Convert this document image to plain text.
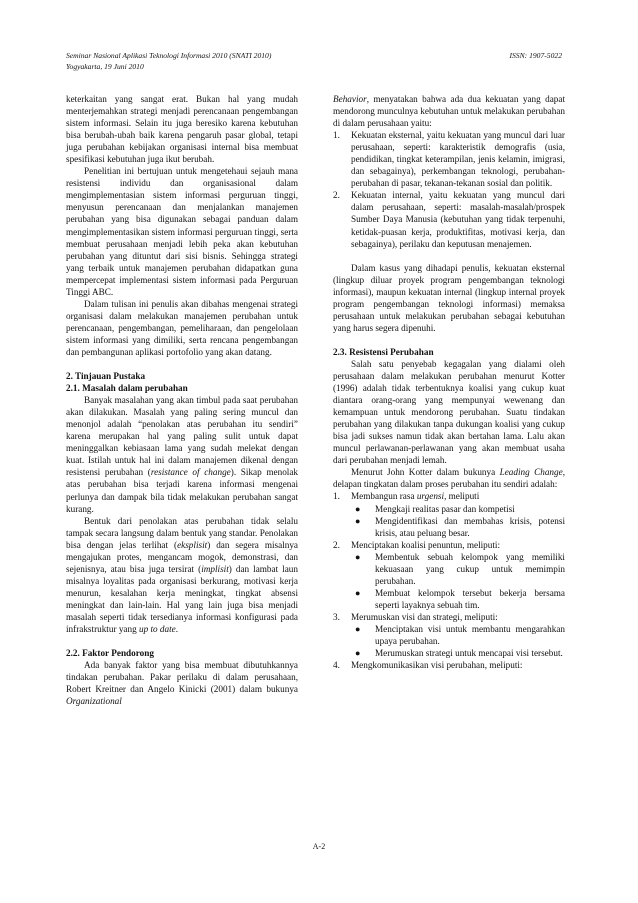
Seminar Nasional Aplikasi Teknologi Informasi 2010 (SNATI 2010)
Yogyakarta, 19 Juni 2010
ISSN: 1907-5022

keterkaitan yang sangat erat. Bukan hal yang mudah menterjemahkan strategi menjadi perencanaan pengembangan sistem informasi. Selain itu juga beresiko karena kebutuhan bisa berubah-ubah baik karena pengaruh pasar global, tetapi juga perubahan kebijakan organisasi internal bisa membuat spesifikasi kebutuhan juga ikut berubah.

Penelitian ini bertujuan untuk mengetehaui sejauh mana resistensi individu dan organisasional dalam mengimplementasian sistem informasi perguruan tinggi, menyusun perencanaan dan menjalankan manajemen perubahan yang bisa digunakan sebagai panduan dalam mengimplementasikan sistem informasi perguruan tinggi, serta membuat perusahaan menjadi lebih peka akan kebutuhan perubahan yang dituntut dari sisi bisnis. Sehingga strategi yang terbaik untuk manajemen perubahan didapatkan guna mempercepat implementasi sistem informasi pada Perguruan Tinggi ABC.

Dalam tulisan ini penulis akan dibahas mengenai strategi organisasi dalam melakukan manajemen perubahan untuk perencanaan, pengembangan, pemeliharaan, dan pengelolaan sistem informasi yang dimiliki, serta rencana pengembangan dan pembangunan aplikasi portofolio yang akan datang.

2. Tinjauan Pustaka

2.1. Masalah dalam perubahan

Banyak masalahan yang akan timbul pada saat perubahan akan dilakukan. Masalah yang paling sering muncul dan menonjol adalah “penolakan atas perubahan itu sendiri” karena merupakan hal yang paling sulit untuk dapat meninggalkan kebiasaan lama yang sudah melekat dengan kuat. Istilah untuk hal ini dalam manajemen dikenal dengan resistensi perubahan (resistance of change). Sikap menolak atas perubahan bisa terjadi karena informasi mengenai perlunya dan dampak bila tidak melakukan perubahan sangat kurang.

Bentuk dari penolakan atas perubahan tidak selalu tampak secara langsung dalam bentuk yang standar. Penolakan bisa dengan jelas terlihat (eksplisit) dan segera misalnya mengajukan protes, mengancam mogok, demonstrasi, dan sejenisnya, atau bisa juga tersirat (implisit) dan lambat laun misalnya loyalitas pada organisasi berkurang, motivasi kerja menurun, kesalahan kerja meningkat, tingkat absensi meningkat dan lain-lain. Hal yang lain juga bisa menjadi masalah seperti tidak tersedianya informasi konfigurasi pada infrakstruktur yang up to date.

2.2. Faktor Pendorong

Ada banyak faktor yang bisa membuat dibutuhkannya tindakan perubahan. Pakar perilaku di dalam perusahaan, Robert Kreitner dan Angelo Kinicki (2001) dalam bukunya Organizational

Behavior, menyatakan bahwa ada dua kekuatan yang dapat mendorong munculnya kebutuhan untuk melakukan perubahan di dalam perusahaan yaitu:

1. Kekuatan eksternal, yaitu kekuatan yang muncul dari luar perusahaan, seperti: karakteristik demografis (usia, pendidikan, tingkat keterampilan, jenis kelamin, imigrasi, dan sebagainya), perkembangan teknologi, perubahan-perubahan di pasar, tekanan-tekanan sosial dan politik.
2. Kekuatan internal, yaitu kekuatan yang muncul dari dalam perusahaan, seperti: masalah-masalah/prospek Sumber Daya Manusia (kebutuhan yang tidak terpenuhi, ketidak-puasan kerja, produktifitas, motivasi kerja, dan sebagainya), perilaku dan keputusan menajemen.

Dalam kasus yang dihadapi penulis, kekuatan eksternal (lingkup diluar proyek program pengembangan teknologi informasi), maupun kekuatan internal (lingkup internal proyek program pengembangan teknologi informasi) memaksa perusahaan untuk melakukan perubahan sebagai kebutuhan yang harus segera dipenuhi.

2.3. Resistensi Perubahan

Salah satu penyebab kegagalan yang dialami oleh perusahaan dalam melakukan perubahan menurut Kotter (1996) adalah tidak terbentuknya koalisi yang cukup kuat diantara orang-orang yang mempunyai wewenang dan kemampuan untuk mendorong perubahan. Suatu tindakan perubahan yang dilakukan tanpa dukungan koalisi yang cukup bisa jadi sukses namun tidak akan bertahan lama. Lalu akan muncul perlawanan-perlawanan yang akan membuat usaha dari perubahan menjadi lemah.

Menurut John Kotter dalam bukunya Leading Change, delapan tingkatan dalam proses perubahan itu sendiri adalah:

1. Membangun rasa urgensi, meliputi
● Mengkaji realitas pasar dan kompetisi
● Mengidentifikasi dan membahas krisis, potensi krisis, atau peluang besar.
2. Menciptakan koalisi penuntun, meliputi:
● Membentuk sebuah kelompok yang memiliki kekuasaan yang cukup untuk memimpin perubahan.
● Membuat kelompok tersebut bekerja bersama seperti layaknya sebuah tim.
3. Merumuskan visi dan strategi, meliputi:
● Menciptakan visi untuk membantu mengarahkan upaya perubahan.
● Merumuskan strategi untuk mencapai visi tersebut.
4. Mengkomunikasikan visi perubahan, meliputi:
A-2
